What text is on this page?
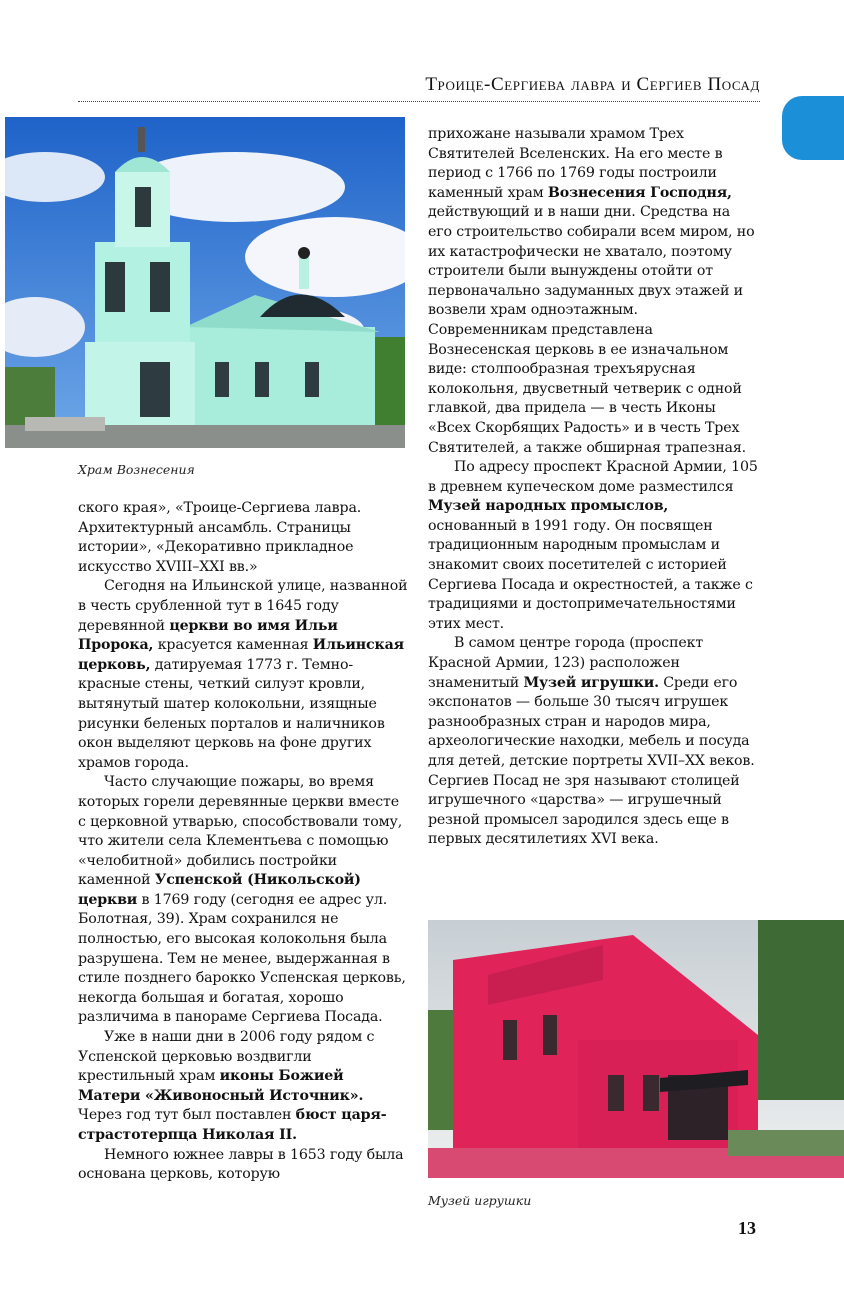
Троице-Сергиева лавра и Сергиев Посад
Храм Вознесения
Музей игрушки

ского края», «Троице-Сергиева лавра. Архитектурный ансамбль. Страницы истории», «Декоративно прикладное искусство XVIII–XXI вв.»

Сегодня на Ильинской улице, названной в честь срубленной тут в 1645 году деревянной церкви во имя Ильи Пророка, красуется каменная Ильинская церковь, датируемая 1773 г. Темно-красные стены, четкий силуэт кровли, вытянутый шатер колокольни, изящные рисунки беленых порталов и наличников окон выделяют церковь на фоне других храмов города.

Часто случающие пожары, во время которых горели деревянные церкви вместе с церковной утварью, способствовали тому, что жители села Клементьева с помощью «челобитной» добились постройки каменной Успенской (Никольской) церкви в 1769 году (сегодня ее адрес ул. Болотная, 39). Храм сохранился не полностью, его высокая колокольня была разрушена. Тем не менее, выдержанная в стиле позднего барокко Успенская церковь, некогда большая и богатая, хорошо различима в панораме Сергиева Посада.

Уже в наши дни в 2006 году рядом с Успенской церковью воздвигли крестильный храм иконы Божией Матери «Живоносный Источник». Через год тут был поставлен бюст царя-страстотерпца Николая II.

Немного южнее лавры в 1653 году была основана церковь, которую

прихожане называли храмом Трех Святителей Вселенских. На его месте в период с 1766 по 1769 годы построили каменный храм Вознесения Господня, действующий и в наши дни. Средства на его строительство собирали всем миром, но их катастрофически не хватало, поэтому строители были вынуждены отойти от первоначально задуманных двух этажей и возвели храм одноэтажным. Современникам представлена Вознесенская церковь в ее изначальном виде: столпообразная трехъярусная колокольня, двусветный четверик с одной главкой, два придела — в честь Иконы «Всех Скорбящих Радость» и в честь Трех Святителей, а также обширная трапезная.

По адресу проспект Красной Армии, 105 в древнем купеческом доме разместился Музей народных промыслов, основанный в 1991 году. Он посвящен традиционным народным промыслам и знакомит своих посетителей с историей Сергиева Посада и окрестностей, а также с традициями и достопримечательностями этих мест.

В самом центре города (проспект Красной Армии, 123) расположен знаменитый Музей игрушки. Среди его экспонатов — больше 30 тысяч игрушек разнообразных стран и народов мира, археологические находки, мебель и посуда для детей, детские портреты XVII–XX веков. Сергиев Посад не зря называют столицей игрушечного «царства» — игрушечный резной промысел зародился здесь еще в первых десятилетиях XVI века.

13
